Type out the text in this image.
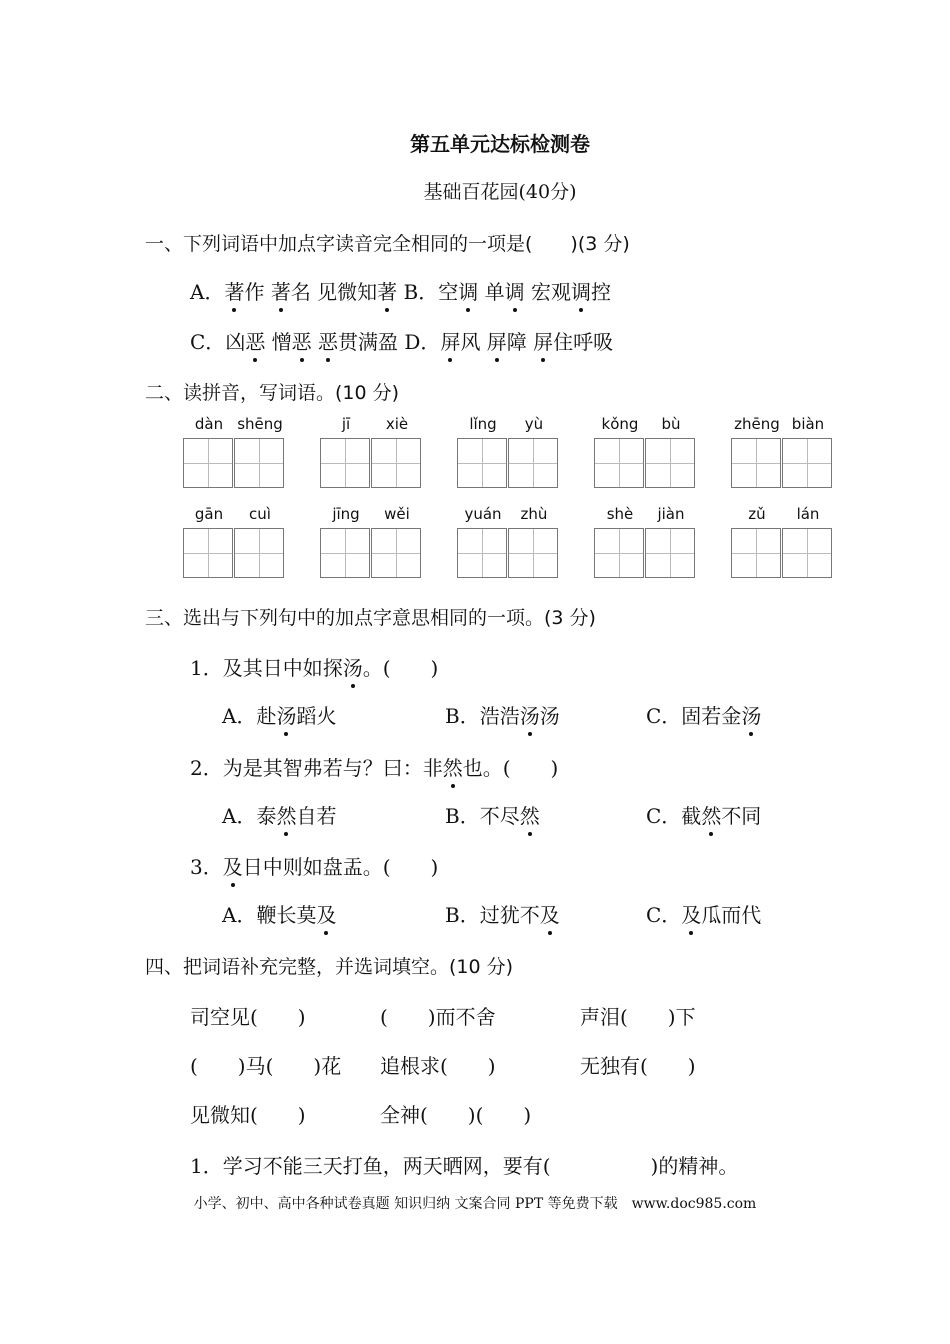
第五单元达标检测卷
基础百花园(40分)
一、下列词语中加点字读音完全相同的一项是(　　)(3 分)
A．著作 著名 见微知著 B．空调 单调 宏观调控
C．凶恶 憎恶 恶贯满盈 D．屏风 屏障 屏住呼吸
二、读拼音，写词语。(10 分)
dàn shēng	jī	xiè	lǐng	yù	kǒng	bù	zhēng biàn
gān	cuì	jīng	wěi	yuán	zhù	shè	jiàn	zǔ	lán
三、选出与下列句中的加点字意思相同的一项。(3 分)
1．及其日中如探汤。(　　)
A．赴汤蹈火	B．浩浩汤汤	C．固若金汤
2．为是其智弗若与？曰：非然也。(　　)
A．泰然自若	B．不尽然	C．截然不同
3．及日中则如盘盂。(　　)
A．鞭长莫及	B．过犹不及	C．及瓜而代
四、把词语补充完整，并选词填空。(10 分)
司空见(　　)	(　　)而不舍	声泪(　　)下
(　　)马(　　)花 追根求(　　)	无独有(　　)
见微知(　　)	全神(　　)(　　)
1．学习不能三天打鱼，两天晒网，要有(　　　　　)的精神。
小学、初中、高中各种试卷真题 知识归纳 文案合同 PPT 等免费下载　www.doc985.com
